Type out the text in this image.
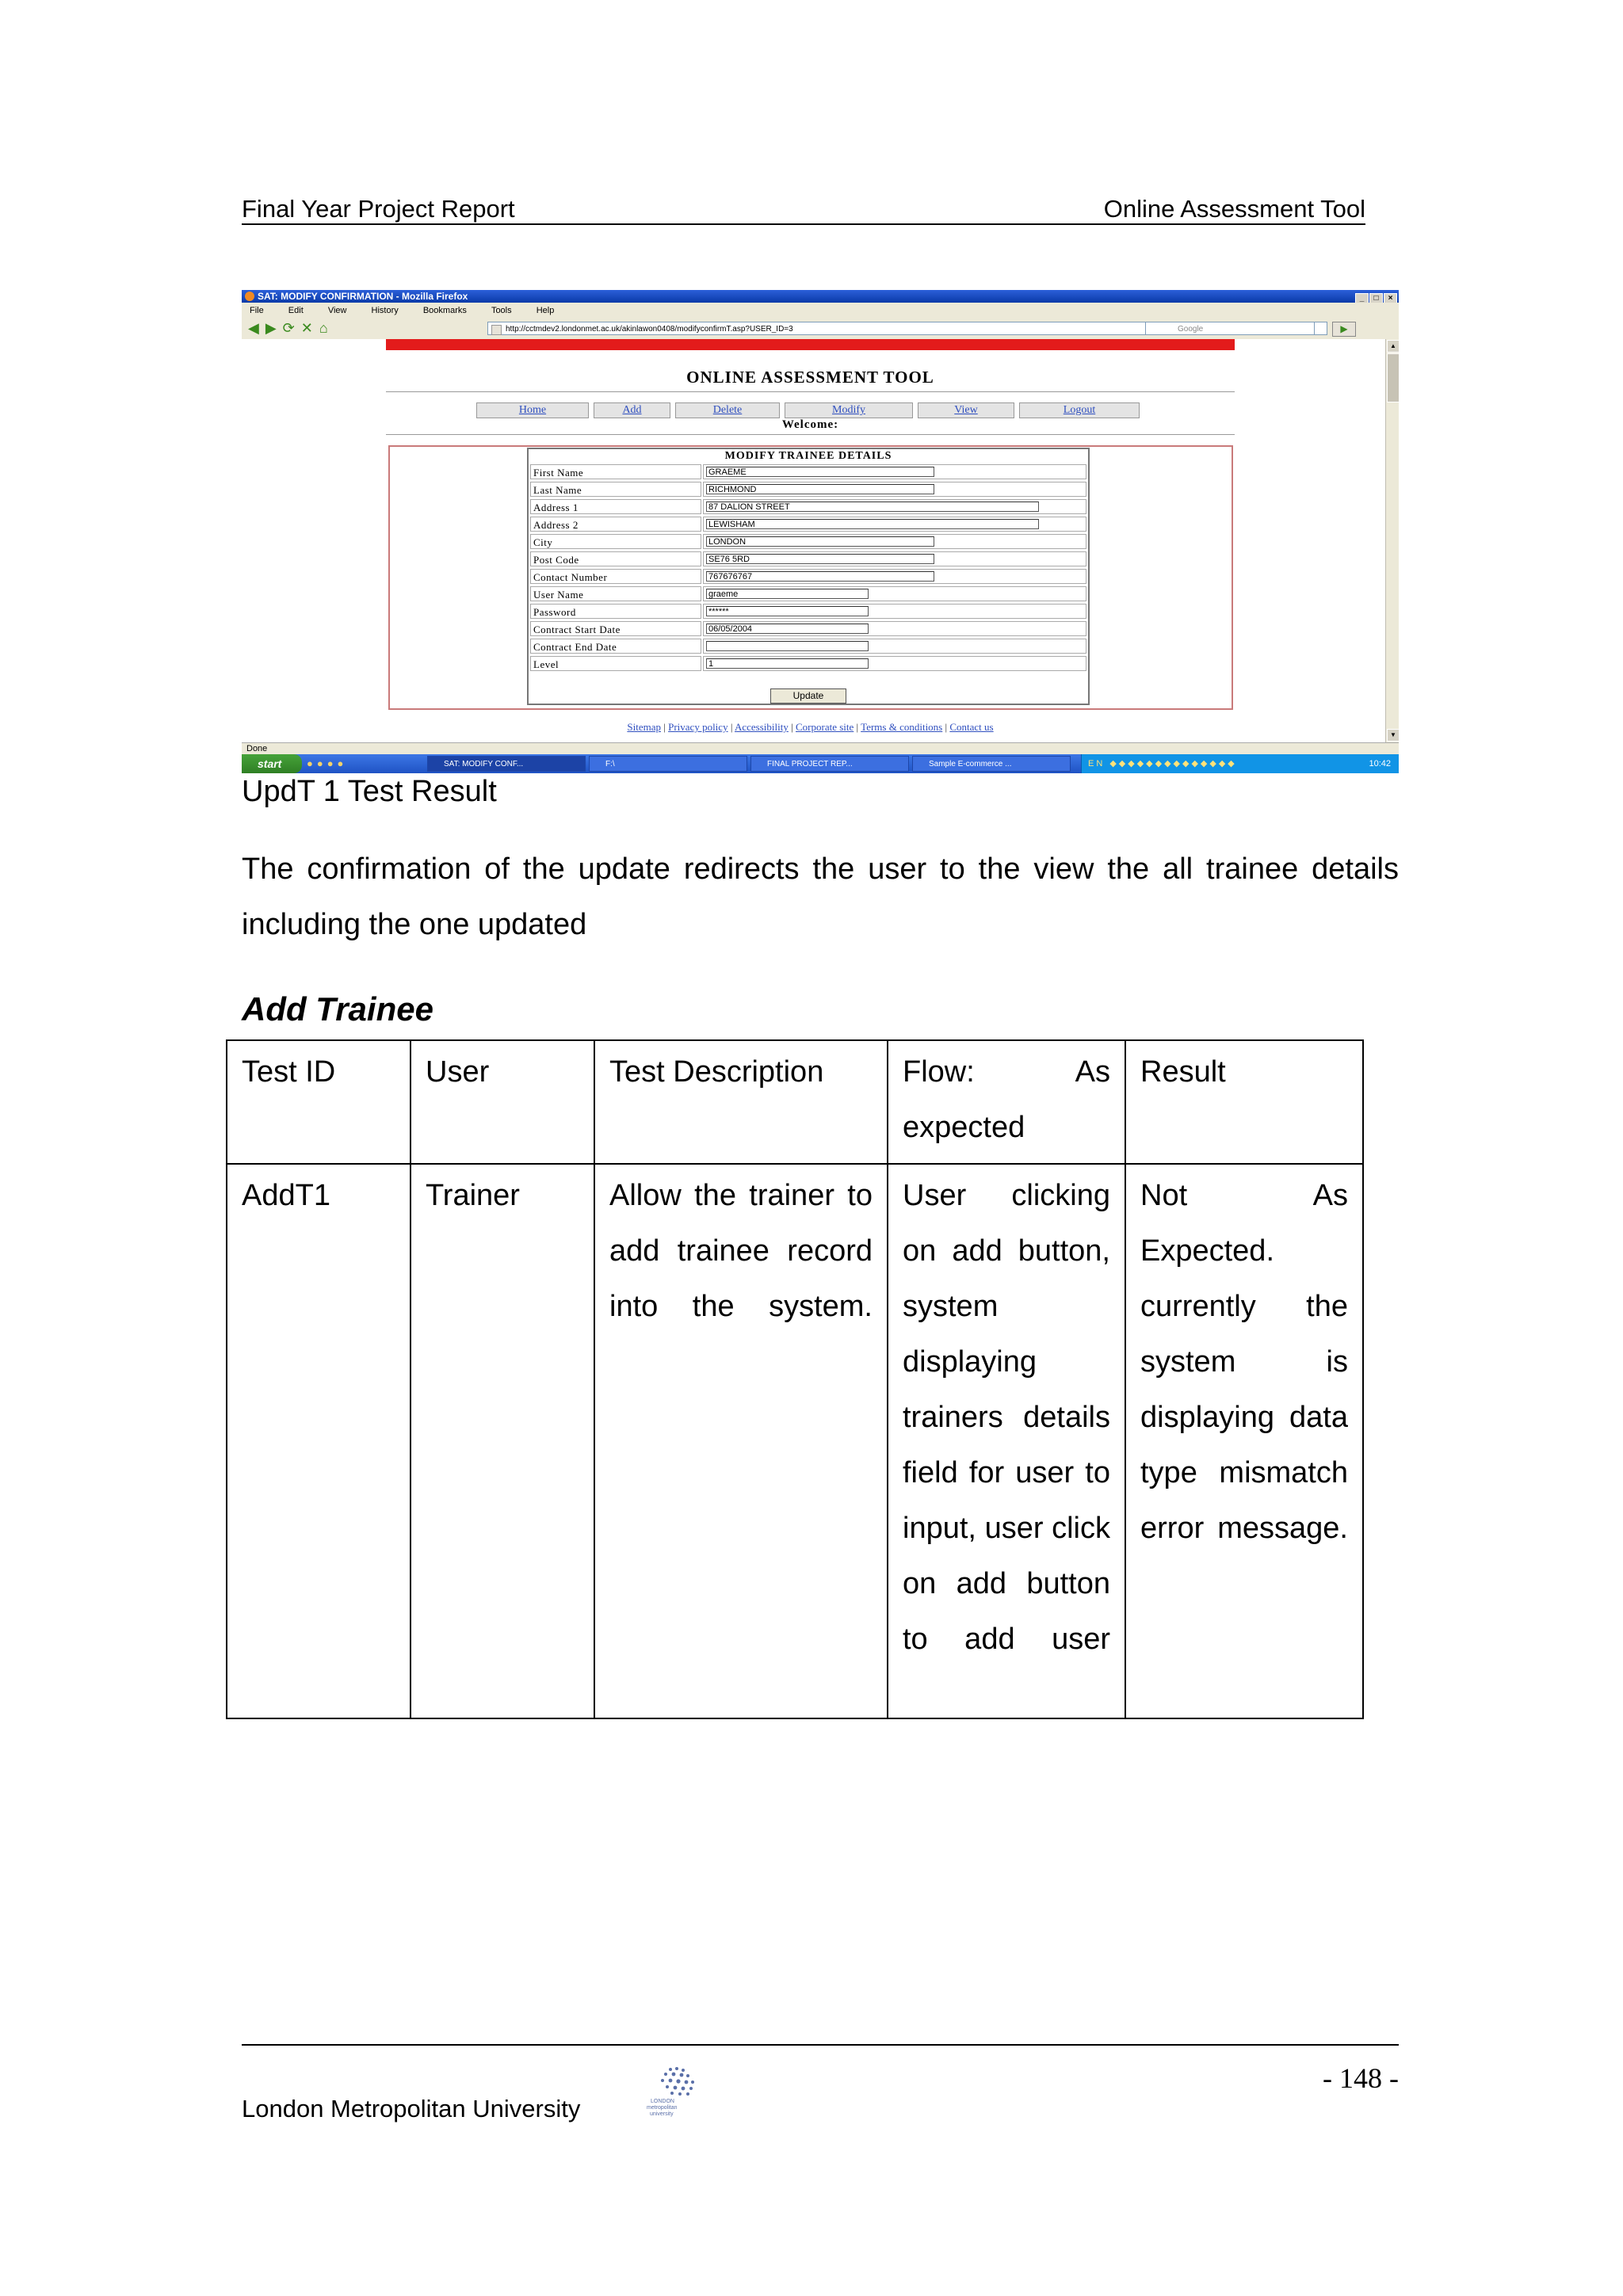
Final Year Project Report	Online Assessment Tool
SAT: MODIFY CONFIRMATION - Mozilla Firefox	_ □ ×
File	Edit	View	History	Bookmarks	Tools	Help
◀▶⟳✕⌂	http://cctmdev2.londonmet.ac.uk/akinlawon0408/modifyconfirmT.asp?USER_ID=3	▶
Google
ONLINE ASSESSMENT TOOL
Home	Add	Delete	Modify	View	Logout
Welcome:
MODIFY TRAINEE DETAILS
First Name	GRAEME
Last Name	RICHMOND
Address 1	87 DALION STREET
Address 2	LEWISHAM
City	LONDON
Post Code	SE76 5RD
Contact Number	767676767
User Name	graeme
Password	******
Contract Start Date	06/05/2004
Contract End Date
Level	1
Update
Sitemap | Privacy policy | Accessibility | Corporate site | Terms & conditions | Contact us
▲
▼
Done
start	●●●●	SAT: MODIFY CONF...	F:\	FINAL PROJECT REP...	Sample E-commerce ...	EN ◆◆◆◆◆◆◆◆◆◆◆◆◆◆	10:42
UpdT 1 Test Result
The confirmation of the update redirects the user to the view the all trainee details including the one updated
Add Trainee
Test ID	User	Test Description	Flow: As expected	Result
AddT1	Trainer	Allow the trainer to add trainee record into the system.	User clicking on add button, system displaying trainers details field for user to input, user click on add button to add user	Not As Expected. currently the system is displaying data type mismatch error message.
London Metropolitan University	LONDON
metropolitan
university
- 148 -
